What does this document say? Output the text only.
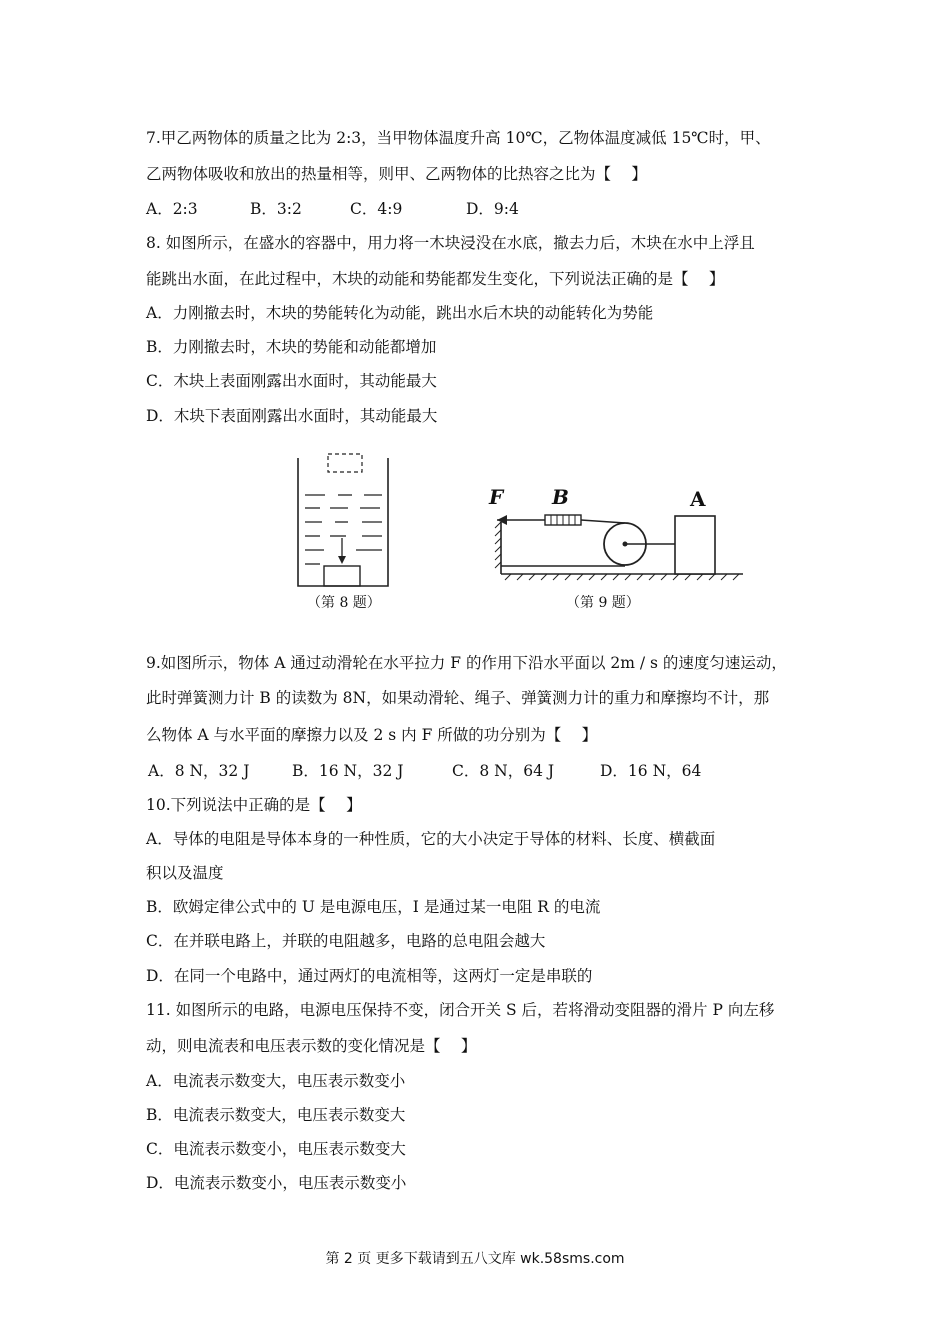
7.甲乙两物体的质量之比为 2:3，当甲物体温度升高 10℃，乙物体温度减低 15℃时，甲、
乙两物体吸收和放出的热量相等，则甲、乙两物体的比热容之比为【　 】
A．2:3	B．3:2	C．4:9	D．9:4
8. 如图所示，在盛水的容器中，用力将一木块浸没在水底，撤去力后，木块在水中上浮且
能跳出水面，在此过程中，木块的动能和势能都发生变化，下列说法正确的是【　 】
A．力刚撤去时，木块的势能转化为动能，跳出水后木块的动能转化为势能
B．力刚撤去时，木块的势能和动能都增加
C．木块上表面刚露出水面时，其动能最大
D．木块下表面刚露出水面时，其动能最大
F B	A
（第 8 题）	（第 9 题）
9.如图所示，物体 A 通过动滑轮在水平拉力 F 的作用下沿水平面以 2m / s 的速度匀速运动，
此时弹簧测力计 B 的读数为 8N，如果动滑轮、绳子、弹簧测力计的重力和摩擦均不计，那
么物体 A 与水平面的摩擦力以及 2 s 内 F 所做的功分别为【　 】
A．8 N，32 J	B．16 N，32 J	C．8 N，64 J	D．16 N，64
10.下列说法中正确的是【　 】
A．导体的电阻是导体本身的一种性质，它的大小决定于导体的材料、长度、横截面
积以及温度
B．欧姆定律公式中的 U 是电源电压，I 是通过某一电阻 R 的电流
C．在并联电路上，并联的电阻越多，电路的总电阻会越大
D．在同一个电路中，通过两灯的电流相等，这两灯一定是串联的
11. 如图所示的电路，电源电压保持不变，闭合开关 S 后，若将滑动变阻器的滑片 P 向左移
动，则电流表和电压表示数的变化情况是【　 】
A．电流表示数变大，电压表示数变小
B．电流表示数变大，电压表示数变大
C．电流表示数变小，电压表示数变大
D．电流表示数变小，电压表示数变小
第 2 页 更多下载请到五八文库 wk.58sms.com
